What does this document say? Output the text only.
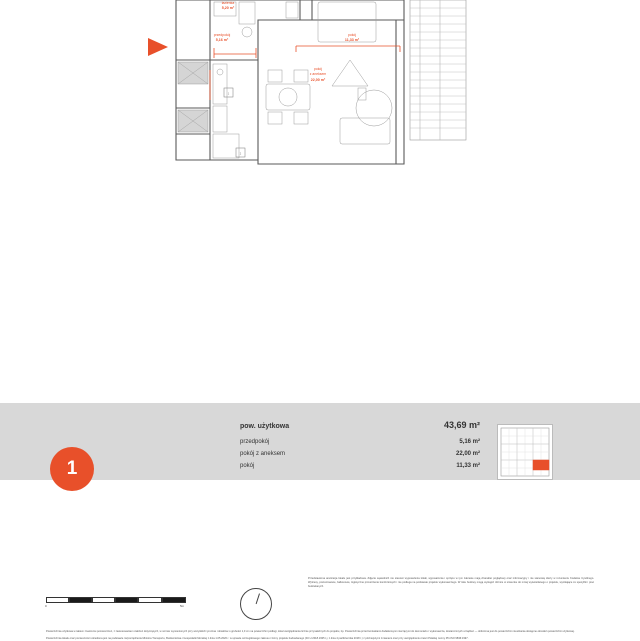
łazienka
5,20 m²
przedpokój
5,16 m²
pokój
11,33 m²
pokój
z aneksem
22,00 m²
1
2
0	5m
Przedstawiona aranżacja lokalu jest przykładowa. Zdjęcie sąsiednich nie stanowi wyposażenia lokali, wyposażenia i sprzętu w tym zakresie mają charakter poglądowy oraz informacyjny i nie stanowią oferty w rozumieniu Kodeksu Cywilnego. Wykresy, prezentowane, balkonowe, logistyczne przestrzenie komfortowych i nie podlega na podstawie projektu wykonawczego. W toku budowy mogą wystąpić różnice w stosunku do mniej wyświetlanego o projektu, wynikające ze specyfiki i prac budowlanych.
Powierzchnia użytkowa w takiem znaczeniu pomieszczeń, z zastosowaniem założeń dotyczących, w normie wymienionych przy wszystkich tymczas i obiektów o grubości 1,0 cm na powierzchni podłogi, lokal uwzględniania licznie przynależnych do projektu, itp. Powierzchnia przed kontaktami dodatkowymi mierzącymi do demontażu i wykonawcza, dostarczonych urządzeń — obliczona jest do powierzchni mieszkania dostępne określeń powierzchni użytkowej.
Powierzchnia lokalu oraz pomieszczeń określona jest na podstawie rozporządzenia Ministra Transportu, Budownictwa i Gospodarki Morskiej z dnia 1.05.2020 r. w sprawie szczegółowego zakresu i formy projektu budowlanego (Dz.U.2018.1935 t.j. z dnia 4 października 2018 r.) z późniejszymi zmianami oraz przy uwzględnieniu treści Polskiej normy PN-ISO 9836:1997.
1
pow. użytkowa	43,69 m²
przedpokój	5,16 m²
pokój z aneksem	22,00 m²
pokój	11,33 m²
